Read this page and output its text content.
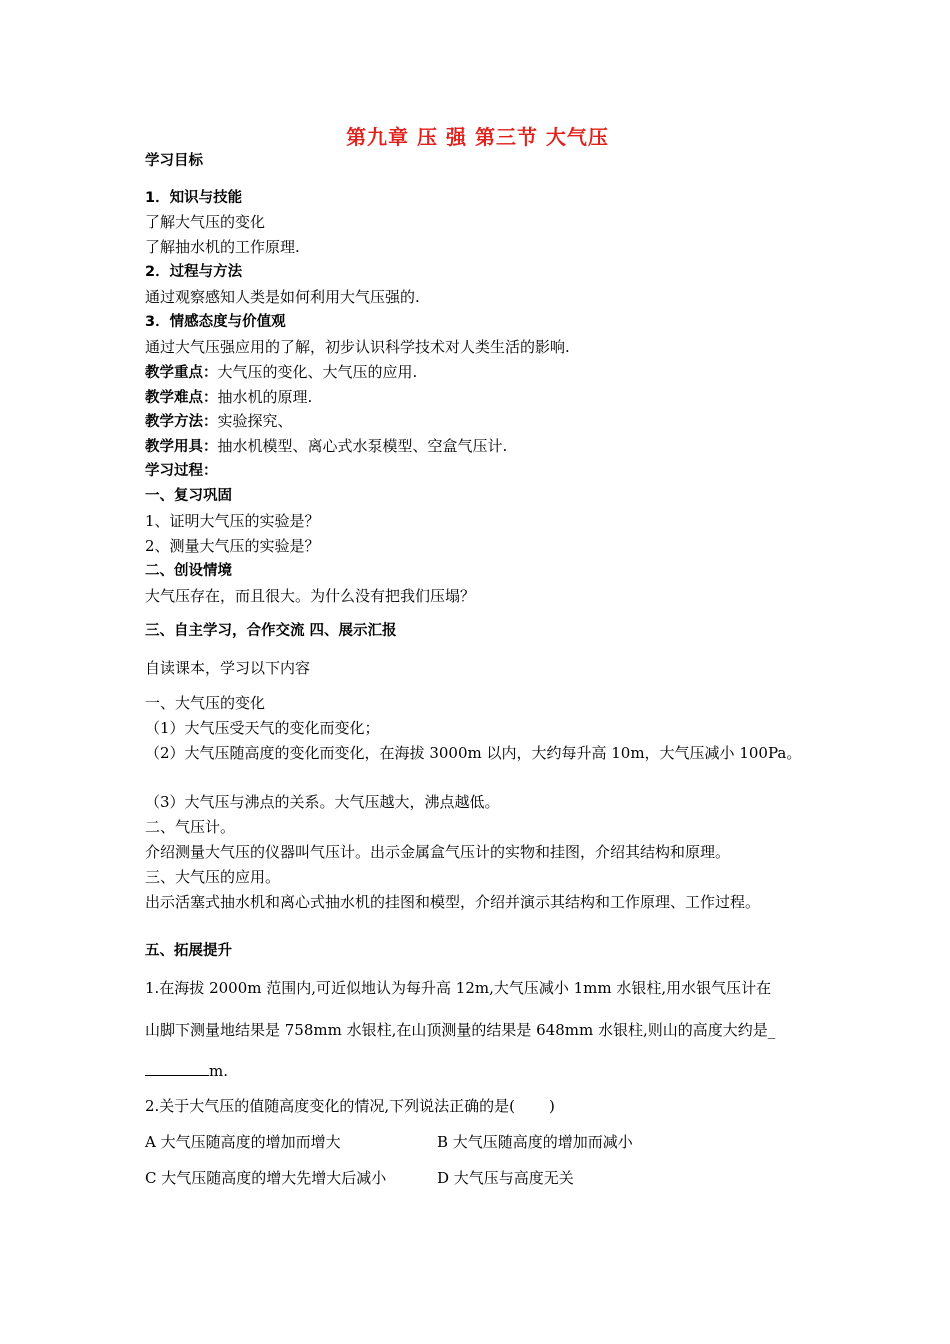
第九章 压 强 第三节 大气压
学习目标
1．知识与技能
了解大气压的变化
了解抽水机的工作原理.
2．过程与方法
通过观察感知人类是如何利用大气压强的.
3．情感态度与价值观
通过大气压强应用的了解，初步认识科学技术对人类生活的影响.
教学重点：大气压的变化、大气压的应用.
教学难点：抽水机的原理.
教学方法：实验探究、
教学用具：抽水机模型、离心式水泵模型、空盒气压计.
学习过程：
一、复习巩固
1、证明大气压的实验是？
2、测量大气压的实验是？
二、创设情境
大气压存在，而且很大。为什么没有把我们压塌？
三、自主学习，合作交流 四、展示汇报
自读课本，学习以下内容
一、大气压的变化
（1）大气压受天气的变化而变化；
（2）大气压随高度的变化而变化，在海拔 3000m 以内，大约每升高 10m，大气压减小 100Pa。
（3）大气压与沸点的关系。大气压越大，沸点越低。
二、气压计。
介绍测量大气压的仪器叫气压计。出示金属盒气压计的实物和挂图，介绍其结构和原理。
三、大气压的应用。
出示活塞式抽水机和离心式抽水机的挂图和模型，介绍并演示其结构和工作原理、工作过程。
五、拓展提升
1.在海拔 2000m 范围内,可近似地认为每升高 12m,大气压减小 1mm 水银柱,用水银气压计在
山脚下测量地结果是 758mm 水银柱,在山顶测量的结果是 648mm 水银柱,则山的高度大约是_
m.
2.关于大气压的值随高度变化的情况,下列说法正确的是( )
A 大气压随高度的增加而增大	B 大气压随高度的增加而减小
C 大气压随高度的增大先增大后减小	D 大气压与高度无关
